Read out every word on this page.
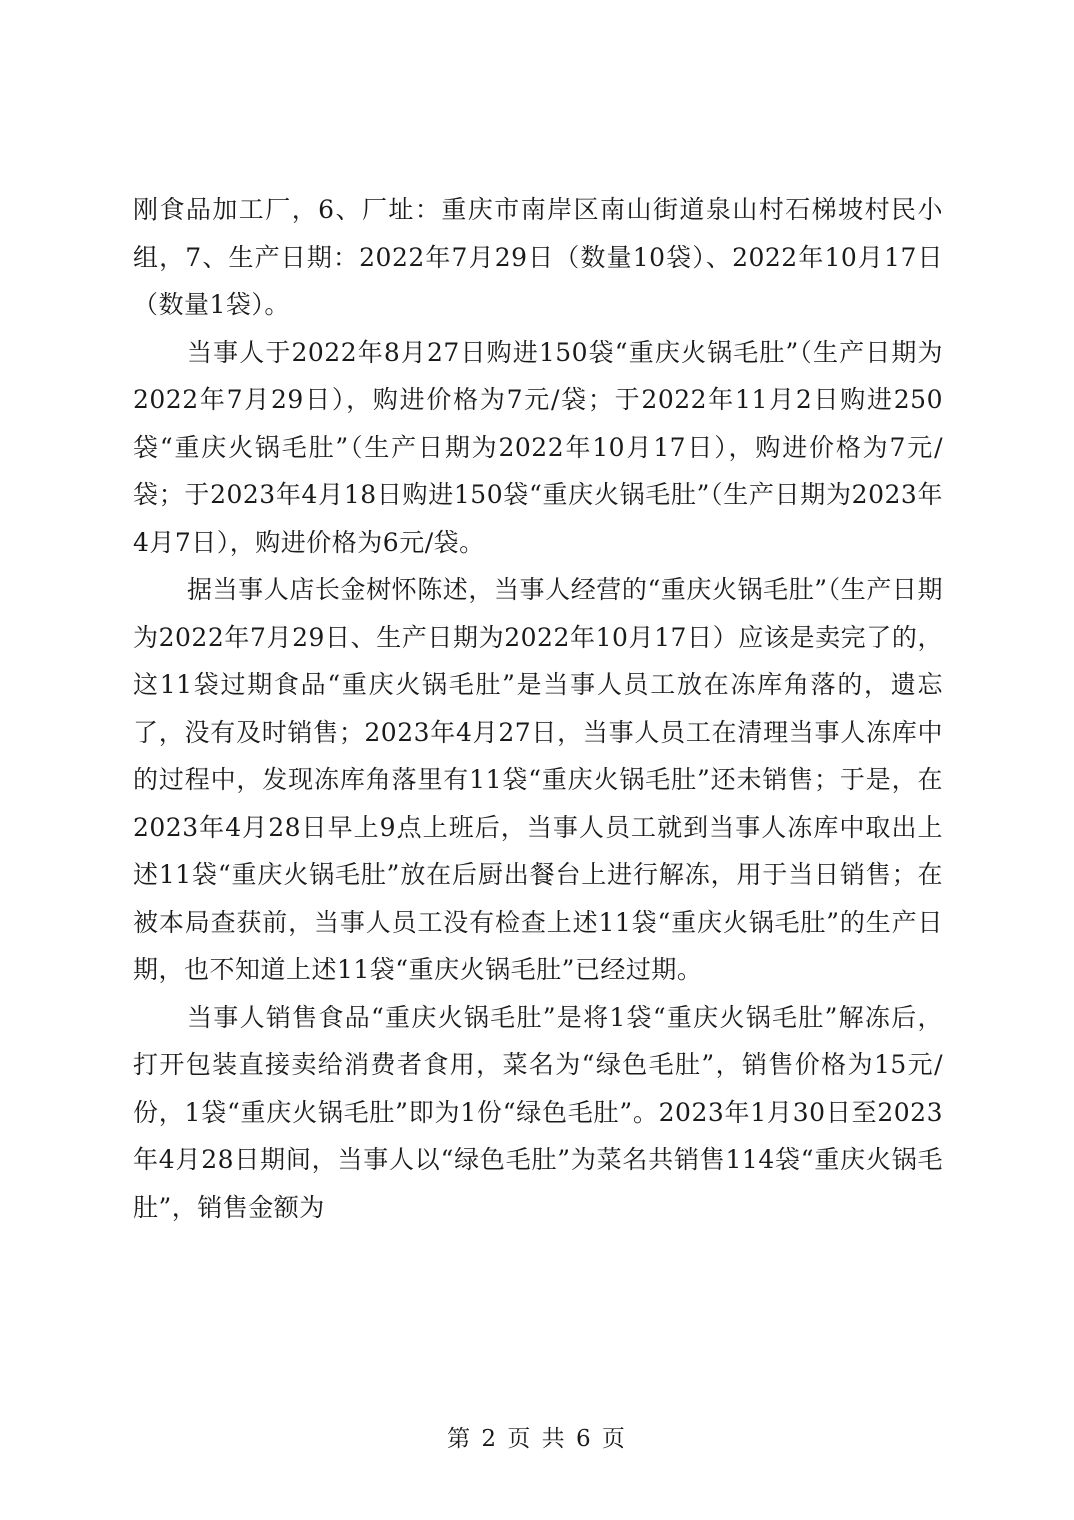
刚食品加工厂，6、厂址：重庆市南岸区南山街道泉山村石梯坡村民小组，7、生产日期：2022年7月29日（数量10袋）、2022年10月17日（数量1袋）。

当事人于2022年8月27日购进150袋“重庆火锅毛肚”（生产日期为2022年7月29日），购进价格为7元/袋；于2022年11月2日购进250袋“重庆火锅毛肚”（生产日期为2022年10月17日），购进价格为7元/袋；于2023年4月18日购进150袋“重庆火锅毛肚”（生产日期为2023年4月7日），购进价格为6元/袋。

据当事人店长金树怀陈述，当事人经营的“重庆火锅毛肚”（生产日期为2022年7月29日、生产日期为2022年10月17日）应该是卖完了的，这11袋过期食品“重庆火锅毛肚”是当事人员工放在冻库角落的，遗忘了，没有及时销售；2023年4月27日，当事人员工在清理当事人冻库中的过程中，发现冻库角落里有11袋“重庆火锅毛肚”还未销售；于是，在2023年4月28日早上9点上班后，当事人员工就到当事人冻库中取出上述11袋“重庆火锅毛肚”放在后厨出餐台上进行解冻，用于当日销售；在被本局查获前，当事人员工没有检查上述11袋“重庆火锅毛肚”的生产日期，也不知道上述11袋“重庆火锅毛肚”已经过期。

当事人销售食品“重庆火锅毛肚”是将1袋“重庆火锅毛肚”解冻后，打开包装直接卖给消费者食用，菜名为“绿色毛肚”，销售价格为15元/份，1袋“重庆火锅毛肚”即为1份“绿色毛肚”。2023年1月30日至2023年4月28日期间，当事人以“绿色毛肚”为菜名共销售114袋“重庆火锅毛肚”，销售金额为

第 2 页 共 6 页
